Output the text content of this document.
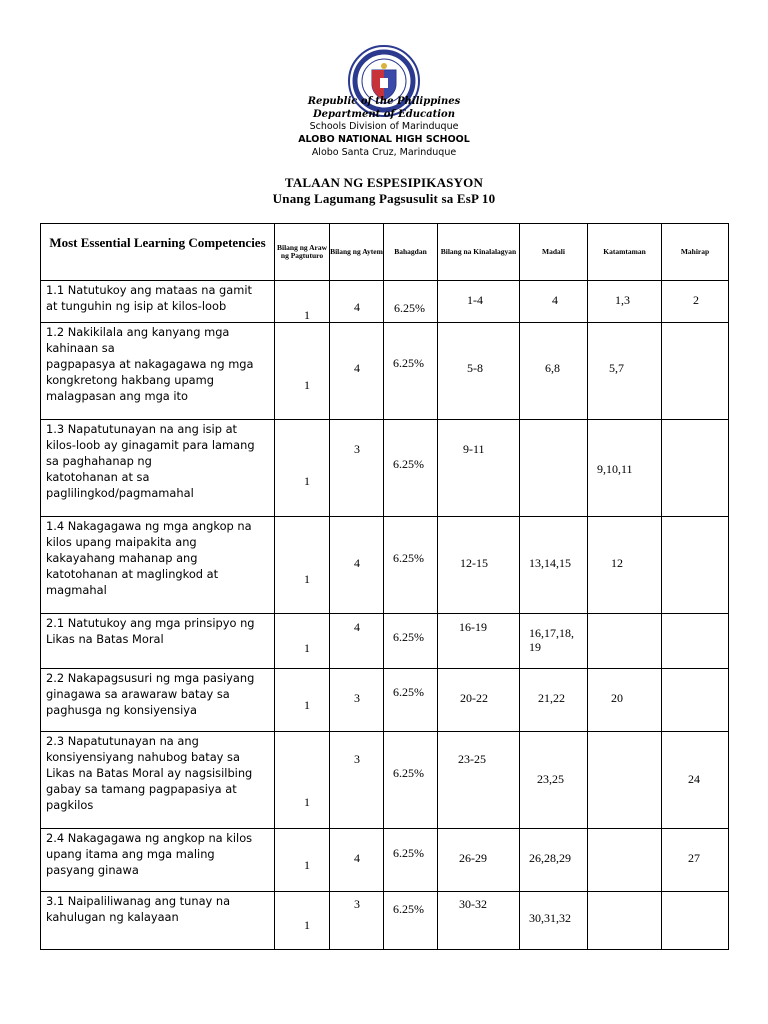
Republic of the Philippines
Department of Education
Schools Division of Marinduque
ALOBO NATIONAL HIGH SCHOOL
Alobo Santa Cruz, Marinduque
TALAAN NG ESPESIPIKASYON
Unang Lagumang Pagsusulit sa EsP 10
Most Essential Learning Competencies	Bilang ng Araw ng Pagtuturo	Bilang ng Aytem	Bahagdan	Bilang na Kinalalagyan	Madali	Katamtaman	Mahirap
1.1 Natutukoy ang mataas na gamit
at tunguhin ng isip at kilos-loob	1	4	6.25%	1-4	4	1,3	2

1.2 Nakikilala ang kanyang mga
kahinaan sa
pagpapasya at nakagagawa ng mga
kongkretong hakbang upamg
malagpasan ang mga ito	1	4	6.25%	5-8	6,8	5,7	

1.3 Napatutunayan na ang isip at
kilos-loob ay ginagamit para lamang
sa paghahanap ng
katotohanan at sa
paglilingkod/pagmamahal	1	3	6.25%	9-11		9,10,11	

1.4 Nakagagawa ng mga angkop na
kilos upang maipakita ang
kakayahang mahanap ang
katotohanan at maglingkod at
magmahal	1	4	6.25%	12-15	13,14,15	12	

2.1 Natutukoy ang mga prinsipyo ng
Likas na Batas Moral	1	4	6.25%	16-19	16,17,18,
19		

2.2 Nakapagsusuri ng mga pasiyang
ginagawa sa arawaraw batay sa
paghusga ng konsiyensiya	1	3	6.25%	20-22	21,22	20	

2.3 Napatutunayan na ang
konsiyensiyang nahubog batay sa
Likas na Batas Moral ay nagsisilbing
gabay sa tamang pagpapasiya at
pagkilos	1	3	6.25%	23-25	23,25		24

2.4 Nakagagawa ng angkop na kilos
upang itama ang mga maling
pasyang ginawa	1	4	6.25%	26-29	26,28,29		27

3.1 Naipaliliwanag ang tunay na
kahulugan ng kalayaan	1	3	6.25%	30-32	30,31,32		
